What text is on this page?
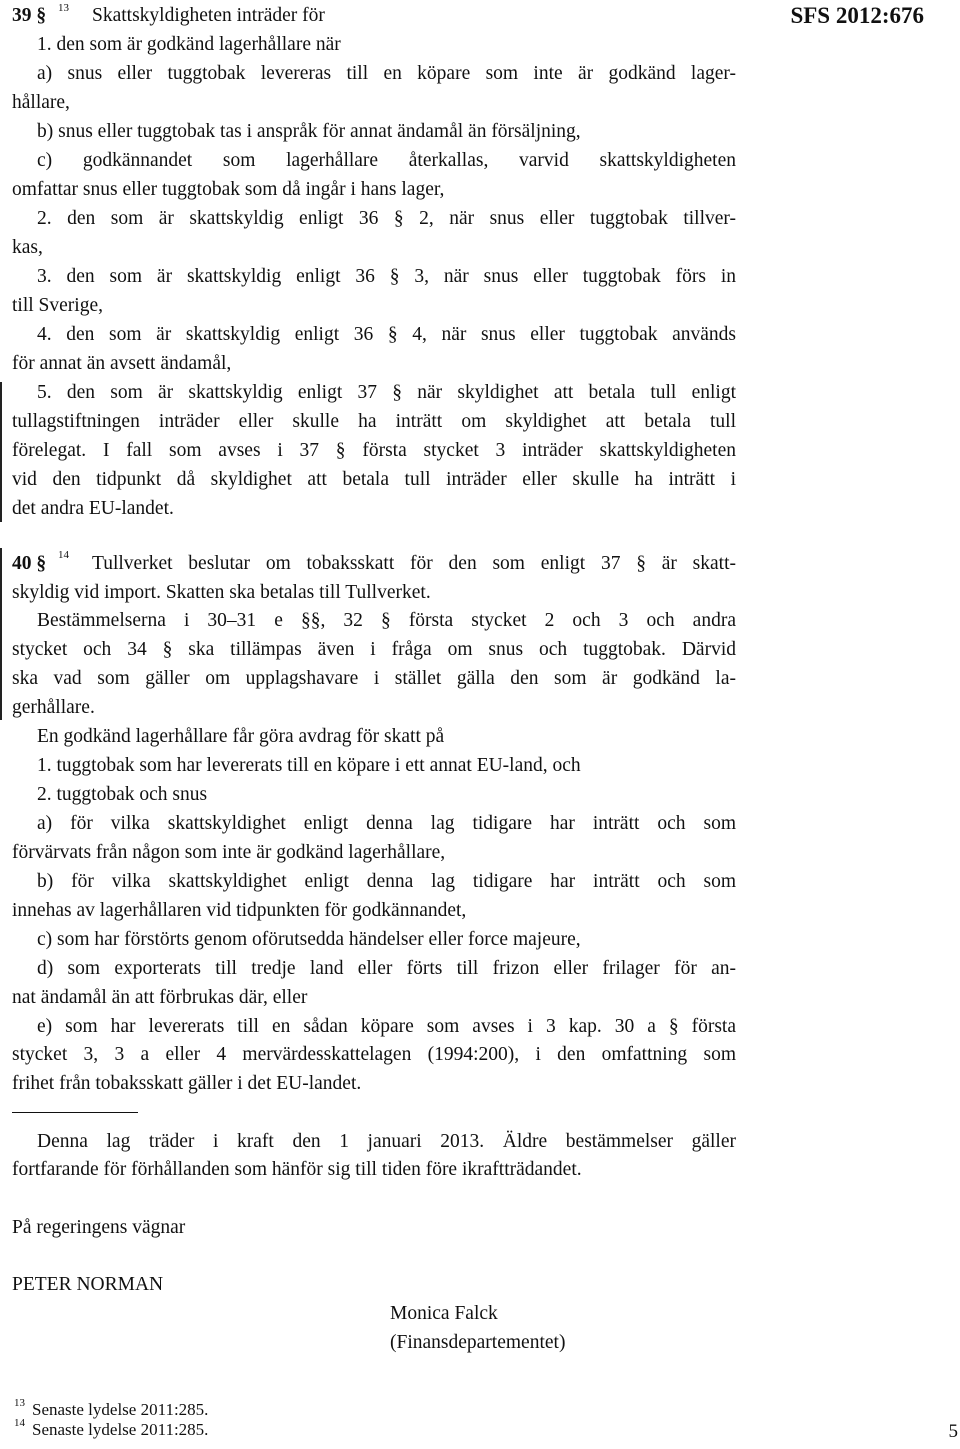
SFS 2012:676
39 § 13 Skattskyldigheten inträder för
1. den som är godkänd lagerhållare när
a) snus eller tuggtobak levereras till en köpare som inte är godkänd lager-
hållare,
b) snus eller tuggtobak tas i anspråk för annat ändamål än försäljning,
c) godkännandet som lagerhållare återkallas, varvid skattskyldigheten
omfattar snus eller tuggtobak som då ingår i hans lager,
2. den som är skattskyldig enligt 36 § 2, när snus eller tuggtobak tillver-
kas,
3. den som är skattskyldig enligt 36 § 3, när snus eller tuggtobak förs in
till Sverige,
4. den som är skattskyldig enligt 36 § 4, när snus eller tuggtobak används
för annat än avsett ändamål,
5. den som är skattskyldig enligt 37 § när skyldighet att betala tull enligt
tullagstiftningen inträder eller skulle ha inträtt om skyldighet att betala tull
förelegat. I fall som avses i 37 § första stycket 3 inträder skattskyldigheten
vid den tidpunkt då skyldighet att betala tull inträder eller skulle ha inträtt i
det andra EU-landet.
40 § 14 Tullverket beslutar om tobaksskatt för den som enligt 37 § är skatt-
skyldig vid import. Skatten ska betalas till Tullverket.
Bestämmelserna i 30–31 e §§, 32 § första stycket 2 och 3 och andra
stycket och 34 § ska tillämpas även i fråga om snus och tuggtobak. Därvid
ska vad som gäller om upplagshavare i stället gälla den som är godkänd la-
gerhållare.
En godkänd lagerhållare får göra avdrag för skatt på
1. tuggtobak som har levererats till en köpare i ett annat EU-land, och
2. tuggtobak och snus
a) för vilka skattskyldighet enligt denna lag tidigare har inträtt och som
förvärvats från någon som inte är godkänd lagerhållare,
b) för vilka skattskyldighet enligt denna lag tidigare har inträtt och som
innehas av lagerhållaren vid tidpunkten för godkännandet,
c) som har förstörts genom oförutsedda händelser eller force majeure,
d) som exporterats till tredje land eller förts till frizon eller frilager för an-
nat ändamål än att förbrukas där, eller
e) som har levererats till en sådan köpare som avses i 3 kap. 30 a § första
stycket 3, 3 a eller 4 mervärdesskattelagen (1994:200), i den omfattning som
frihet från tobaksskatt gäller i det EU-landet.
Denna lag träder i kraft den 1 januari 2013. Äldre bestämmelser gäller
fortfarande för förhållanden som hänför sig till tiden före ikraftträdandet.
På regeringens vägnar
PETER NORMAN
Monica Falck
(Finansdepartementet)
13 Senaste lydelse 2011:285.
14 Senaste lydelse 2011:285.	5
